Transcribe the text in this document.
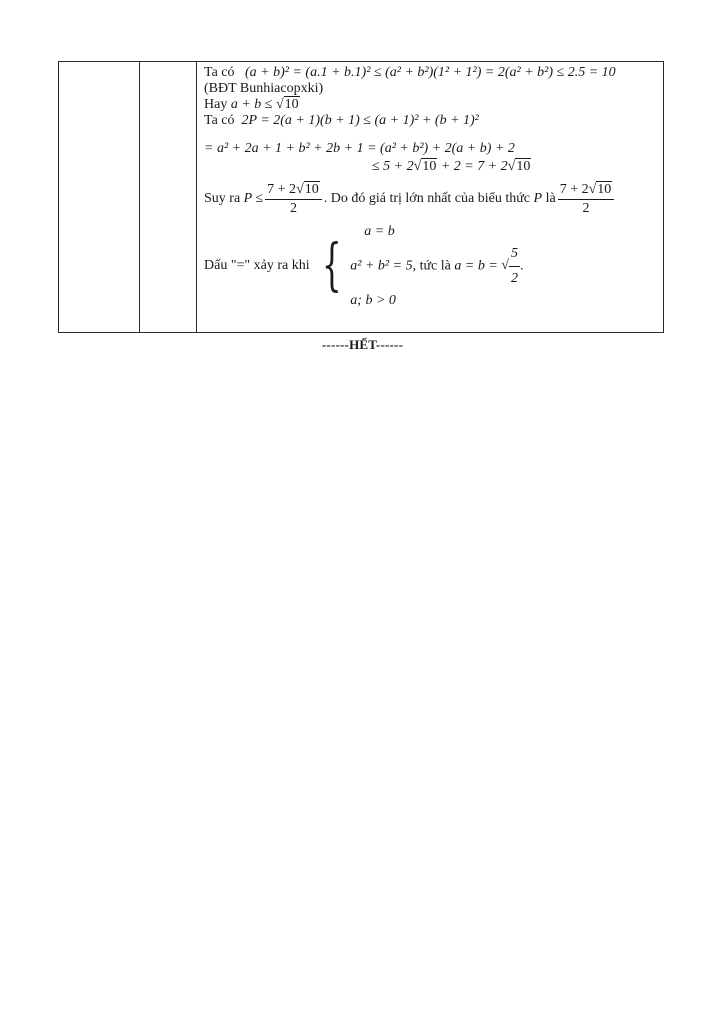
Ta có (a + b)² = (a.1 + b.1)² ≤ (a² + b²)(1² + 1²) = 2(a² + b²) ≤ 2.5 = 10
(BĐT Bunhiacopxki)
Hay a + b ≤ √10
Ta có 2P = 2(a + 1)(b + 1) ≤ (a + 1)² + (b + 1)²
= a² + 2a + 1 + b² + 2b + 1 = (a² + b²) + 2(a + b) + 2
≤ 5 + 2√10 + 2 = 7 + 2√10
Suy ra
$P \le \frac{7 + 2√10}{2}$ . Do đó giá trị lớn nhất của biểu thức
P
là $\frac{7 + 2√10}{2}$
Dấu "=" xảy ra khi {
a = b
a² + b² = 5, tức là a = b = √ $\frac{5}{2}$ .
a; b > 0
------HẾT------
